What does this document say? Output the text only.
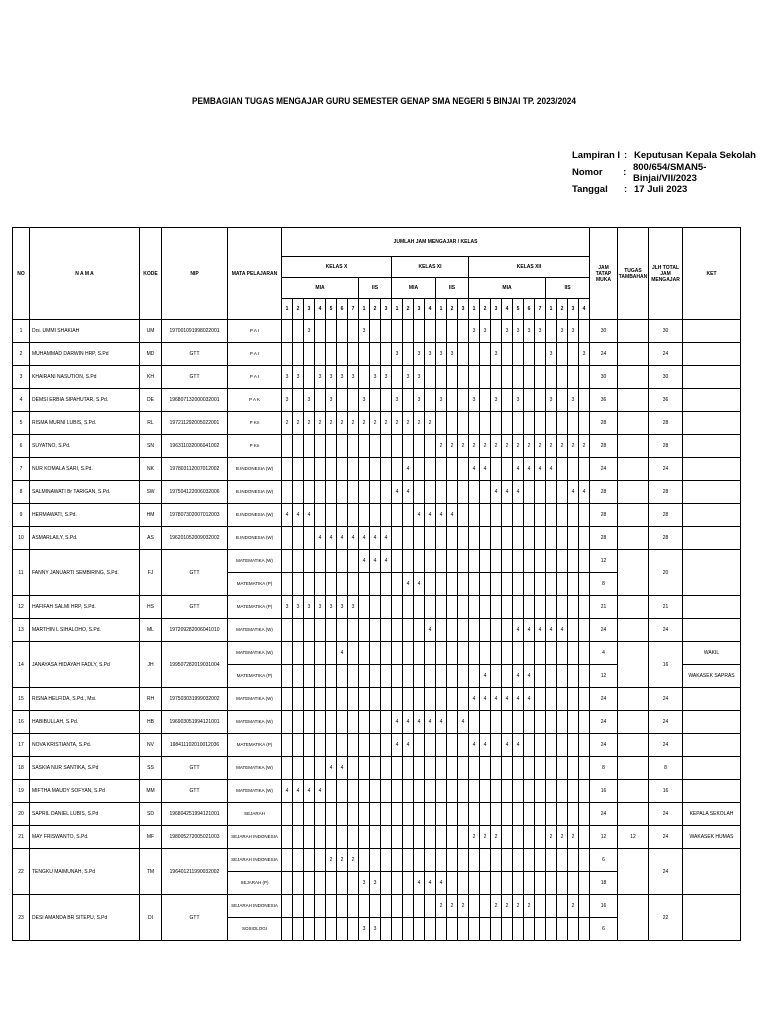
PEMBAGIAN TUGAS MENGAJAR GURU SEMESTER GENAP SMA NEGERI 5 BINJAI TP. 2023/2024
Lampiran I : Keputusan Kepala Sekolah
Nomor	: 800/654/SMAN5-Binjai/VII/2023
Tanggal	: 17 Juli 2023
NO	N A M A	KODE	NIP	MATA PELAJARAN	JUMLAH JAM MENGAJAR / KELAS																												JAM TATAP MUKA	TUGAS TAMBAHAN	JLH TOTAL JAM MENGAJAR	KET
					KELAS X										KELAS XI							KELAS XII														
					MIA							IIS			MIA				IIS			MIA							IIS							
					1	2	3	4	5	6	7	1	2	3	1	2	3	4	1	2	3	1	2	3	4	5	6	7	1	2	3	4				
1	Drs. UMMI SHAKIAH	UM	197001091998022001	P A I			3					3										3	3		3	3	3	3		3	3		30		30	
2	MUHAMMAD DARWIN HRP, S.Pd	MD	GTT	P A I											3		3	3	3	3				3					3			3	24		24	
3	KHAIRANI NASUTION, S.Pd	KH	GTT	P A I	3	3		3	3	3	3		3	3		3	3																30		30	
4	DEMSI ERBIA SIPAHUTAR, S.Pd.	DE	196807132000032001	P A K	3		3		3			3			3		3		3			3		3		3			3		3		36		36	
5	RISMA MURNI LUBIS, S.Pd.	RL	197211292005022001	P Kn	2	2	2	2	2	2	2	2	2	2	2	2	2	2															28		28	
6	SUYATNO, S.Pd.	SN	196311032006041002	P Kn															2	2	2	2	2	2	2	2	2	2	2	2	2	2	28		28	
7	NUR KOMALA SARI, S.Pd.	NK	197803112007012002	B.INDONESIA (W)												4						4	4			4	4	4	4				24		24	
8	SALMINAWATI Br TARIGAN, S.Pd.	SW	197504122006032006	B.INDONESIA (W)											4	4								4	4	4					4	4	28		28	
9	HERMAWATI, S.Pd.	HM	197807302007012003	B.INDONESIA (W)	4	4	4										4	4	4	4													28		28	
10	ASMARLAILY, S.Pd.	AS	196201052009032002	B.INDONESIA (W)				4	4	4	4	4	4	4																			28		28	
11	FANNY JANUARTI SEMBIRING, S.Pd.	FJ	GTT	MATEMATIKA (W)								4	4	4																			12		20	
				MATEMATIKA (P)												4	4																8			
12	HAFIFAH SALMI HRP, S.Pd.	HS	GTT	MATEMATIKA (P)	3	3	3	3	3	3	3																						21		21	
13	MARTHIN L SIHALOHO, S.Pd.	ML	197209282006041010	MATEMATIKA (W)														4								4	4	4	4	4			24		24	
14	JANAYASA HIDAYAH FADLY, S.Pd	JH	199507282019031004	MATEMATIKA (W)						4																							4		16	WAKIL
				MATEMATIKA (P)																			4			4	4						12			WAKASEK SAPRAS
15	RISNA HELFIDA, S.Pd., Msi.	RH	197503031999032002	MATEMATIKA (W)																		4	4	4	4	4	4						24		24	
16	HABIBULLAH, S.Pd.	HB	196903051994121001	MATEMATIKA (W)											4	4	4	4	4		4												24		24	
17	NOVA KRISTIANTA, S.Pd.	NV	198411102010012036	MATEMATIKA (P)											4	4						4	4		4	4							24		24	
18	SASKIA NUR SANTIKA, S.Pd	SS	GTT	MATEMATIKA (W)					4	4																							8		8	
19	MIFTHA MAUDY SOFYAN, S.Pd	MM	GTT	MATEMATIKA (W)	4	4	4	4																									16		16	
20	SAPRIL DANIEL LUBIS, S.Pd	SD	196804251994121001	SEJARAH																													24		24	KEPALA SEKOLAH
21	MAY FRISWANTO, S.Pd.	MF	198005272005021003	SEJARAH INDONESIA																		2	2	2					2	2	2		12	12	24	WAKASEK HUMAS
22	TENGKU MAIMUNAH, S.Pd	TM	196401211990032002	SEJARAH INDONESIA					2	2	2																						6		24	
				SEJARAH (P)								3	3				4	4	4														18			
23	DESI AMANDA BR SITEPU, S.Pd	DI	GTT	SEJARAH INDONESIA															2	2	2			2	2	2	2				2		16		22	
				SOSIOLOGI								3	3																				6			
